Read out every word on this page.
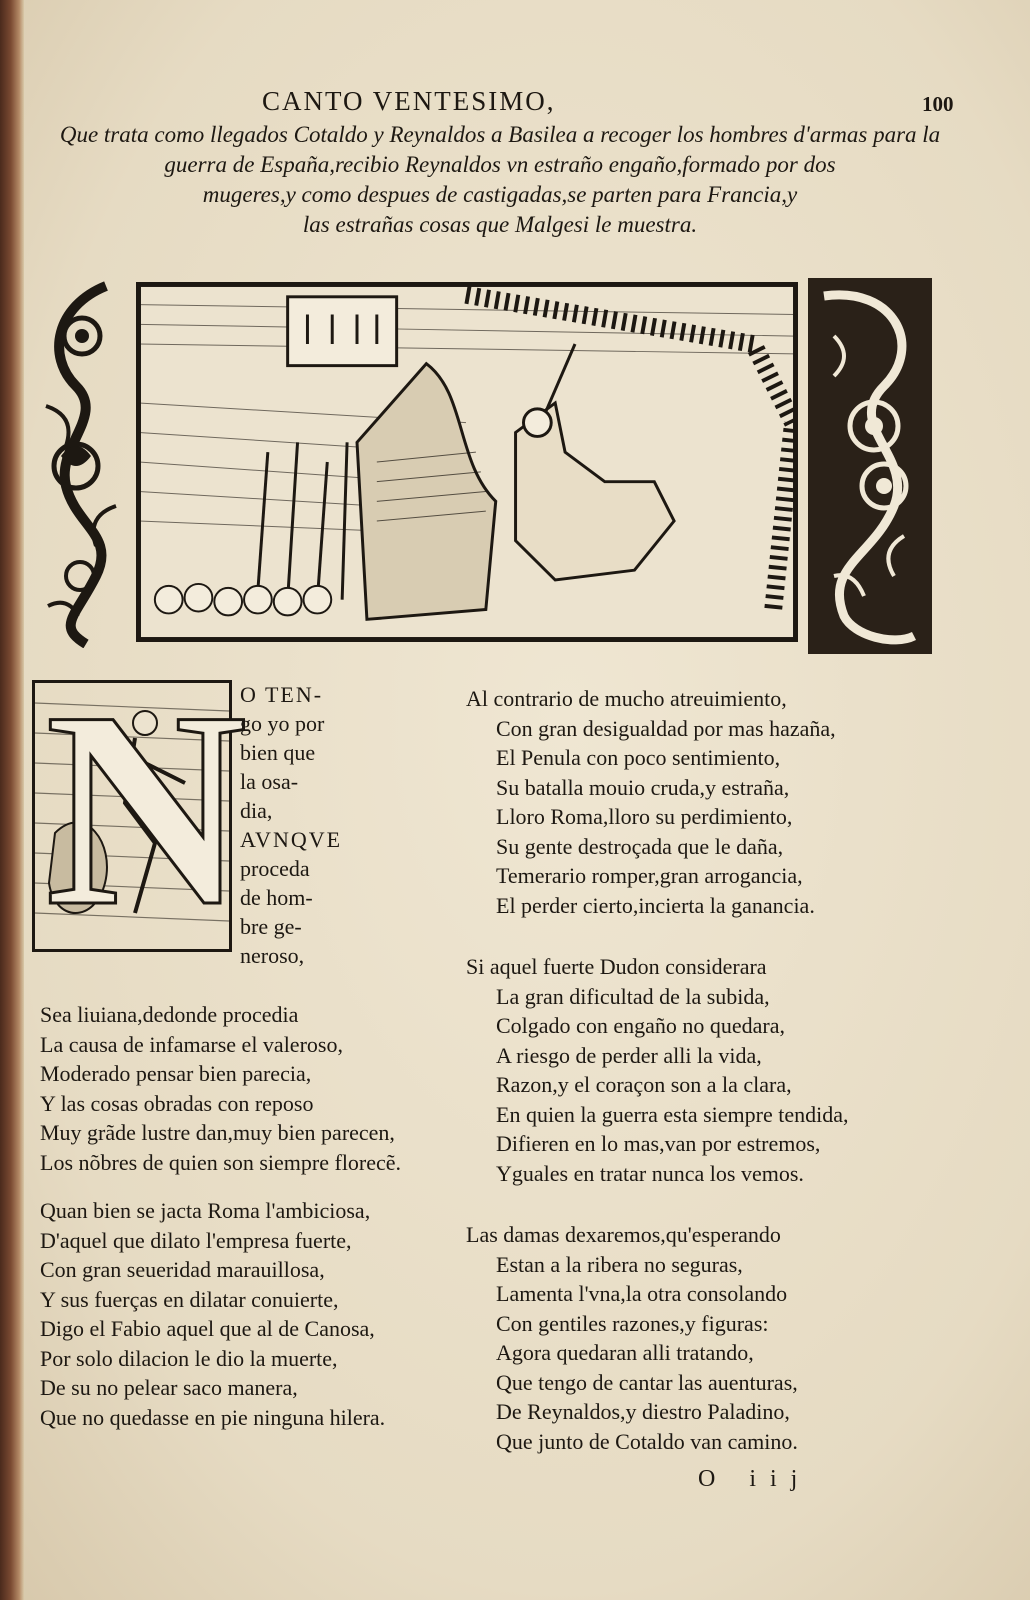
CANTO VENTESIMO,	100
Que trata como llegados Cotaldo y Reynaldos a Basilea a recoger los hombres d'armas para la
guerra de Españа,recibio Reynaldos vn estraño engaño,formado por dos
mugeres,y como despues de castigadas,se parten para Francia,y
las estrañas cosas que Malgesi le muestra.
N
O TEN-
go yo por
bien que
la osa-
dia,
AVNQVE
proceda
de hom-
bre ge-
neroso,
Sea liuiana,dedonde procedia
La causa de infamarse el valeroso,
Moderado pensar bien parecia,
Y las cosas obradas con reposo
Muy grãde lustre dan,muy bien parecen,
Los nõbres de quien son siempre florecẽ.
Quan bien se jacta Roma l'ambiciosa,
D'aquel que dilato l'empresa fuerte,
Con gran seueridad marauillosa,
Y sus fuerças en dilatar conuierte,
Digo el Fabio aquel que al de Canosa,
Por solo dilacion le dio la muerte,
De su no pelear saco manera,
Que no quedasse en pie ninguna hilera.
Al contrario de mucho atreuimiento,
Con gran desigualdad por mas hazaña,
El Penula con poco sentimiento,
Su batalla mouio cruda,y estraña,
Lloro Roma,lloro su perdimiento,
Su gente destroçada que le daña,
Temerario romper,gran arrogancia,
El perder cierto,incierta la ganancia.
Si aquel fuerte Dudon considerara
La gran dificultad de la subida,
Colgado con engaño no quedara,
A riesgo de perder alli la vida,
Razon,y el coraçon son a la clara,
En quien la guerra esta siempre tendida,
Difieren en lo mas,van por estremos,
Yguales en tratar nunca los vemos.
Las damas dexaremos,qu'esperando
Estan a la ribera no seguras,
Lamenta l'vna,la otra consolando
Con gentiles razones,y figuras:
Agora quedaran alli tratando,
Que tengo de cantar las auenturas,
De Reynaldos,y diestro Paladino,
Que junto de Cotaldo van camino.
O iij
